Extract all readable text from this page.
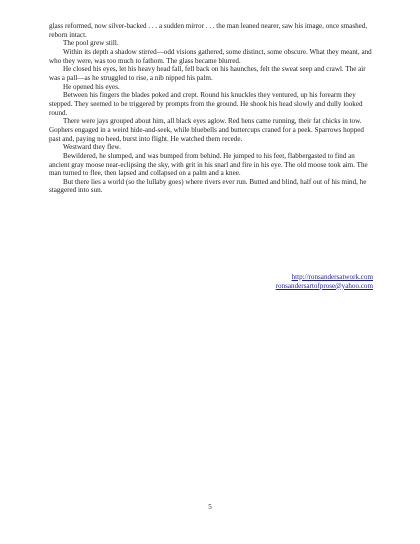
glass reformed, now silver-backed . . . a sudden mirror . . . the man leaned nearer, saw his image, once smashed, reborn intact.

The pool grew still.

Within its depth a shadow stirred—odd visions gathered, some distinct, some obscure. What they meant, and who they were, was too much to fathom. The glass became blurred.

He closed his eyes, let his heavy head fall, fell back on his haunches, felt the sweat seep and crawl. The air was a pall—as he struggled to rise, a nib nipped his palm.

He opened his eyes.

Between his fingers the blades poked and crept. Round his knuckles they ventured, up his forearm they stepped. They seemed to be triggered by prompts from the ground. He shook his head slowly and dully looked round.

There were jays grouped about him, all black eyes aglow. Red hens came running, their fat chicks in tow. Gophers engaged in a weird hide-and-seek, while bluebells and buttercups craned for a peek. Sparrows hopped past and, paying no heed, burst into flight. He watched them recede.

Westward they flew.

Bewildered, he slumped, and was bumped from behind. He jumped to his feet, flabbergasted to find an ancient gray moose near-eclipsing the sky, with grit in his snarl and fire in his eye. The old moose took aim. The man turned to flee, then lapsed and collapsed on a palm and a knee.

But there lies a world (so the lullaby goes) where rivers ever run. Butted and blind, half out of his mind, he staggered into sun.

http://ronsandersatwork.com
ronsandersartofprose@yahoo.com
5
